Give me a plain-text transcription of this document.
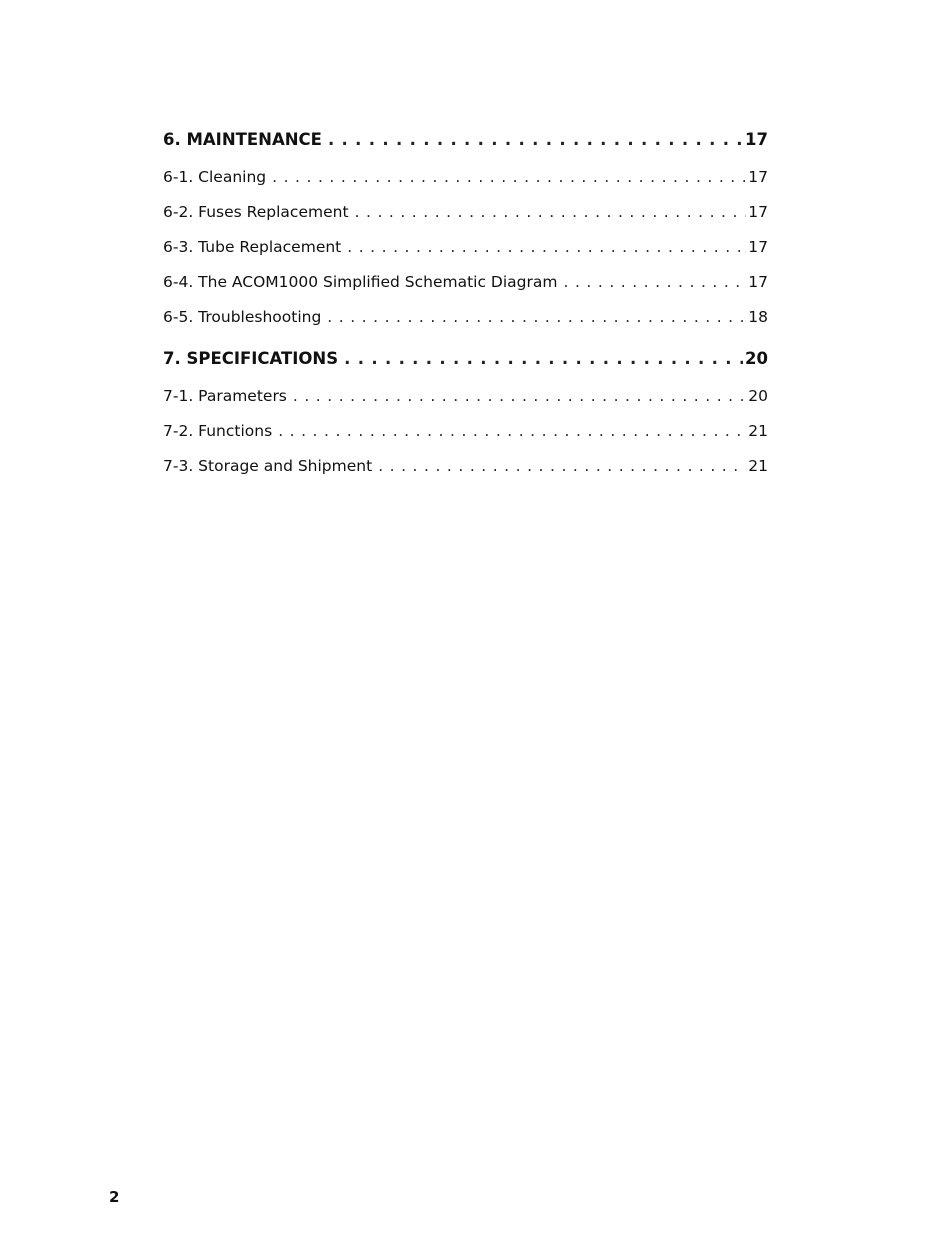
6. MAINTENANCE . . .	17
6-1. Cleaning . . .	17
6-2. Fuses Replacement . . .	17
6-3. Tube Replacement . . .	17
6-4. The ACOM1000 Simplified Schematic Diagram . . .	17
6-5. Troubleshooting . . .	18
7. SPECIFICATIONS . . .	20
7-1. Parameters . . .	20
7-2. Functions . . .	21
7-3. Storage and Shipment . . .	21
2
